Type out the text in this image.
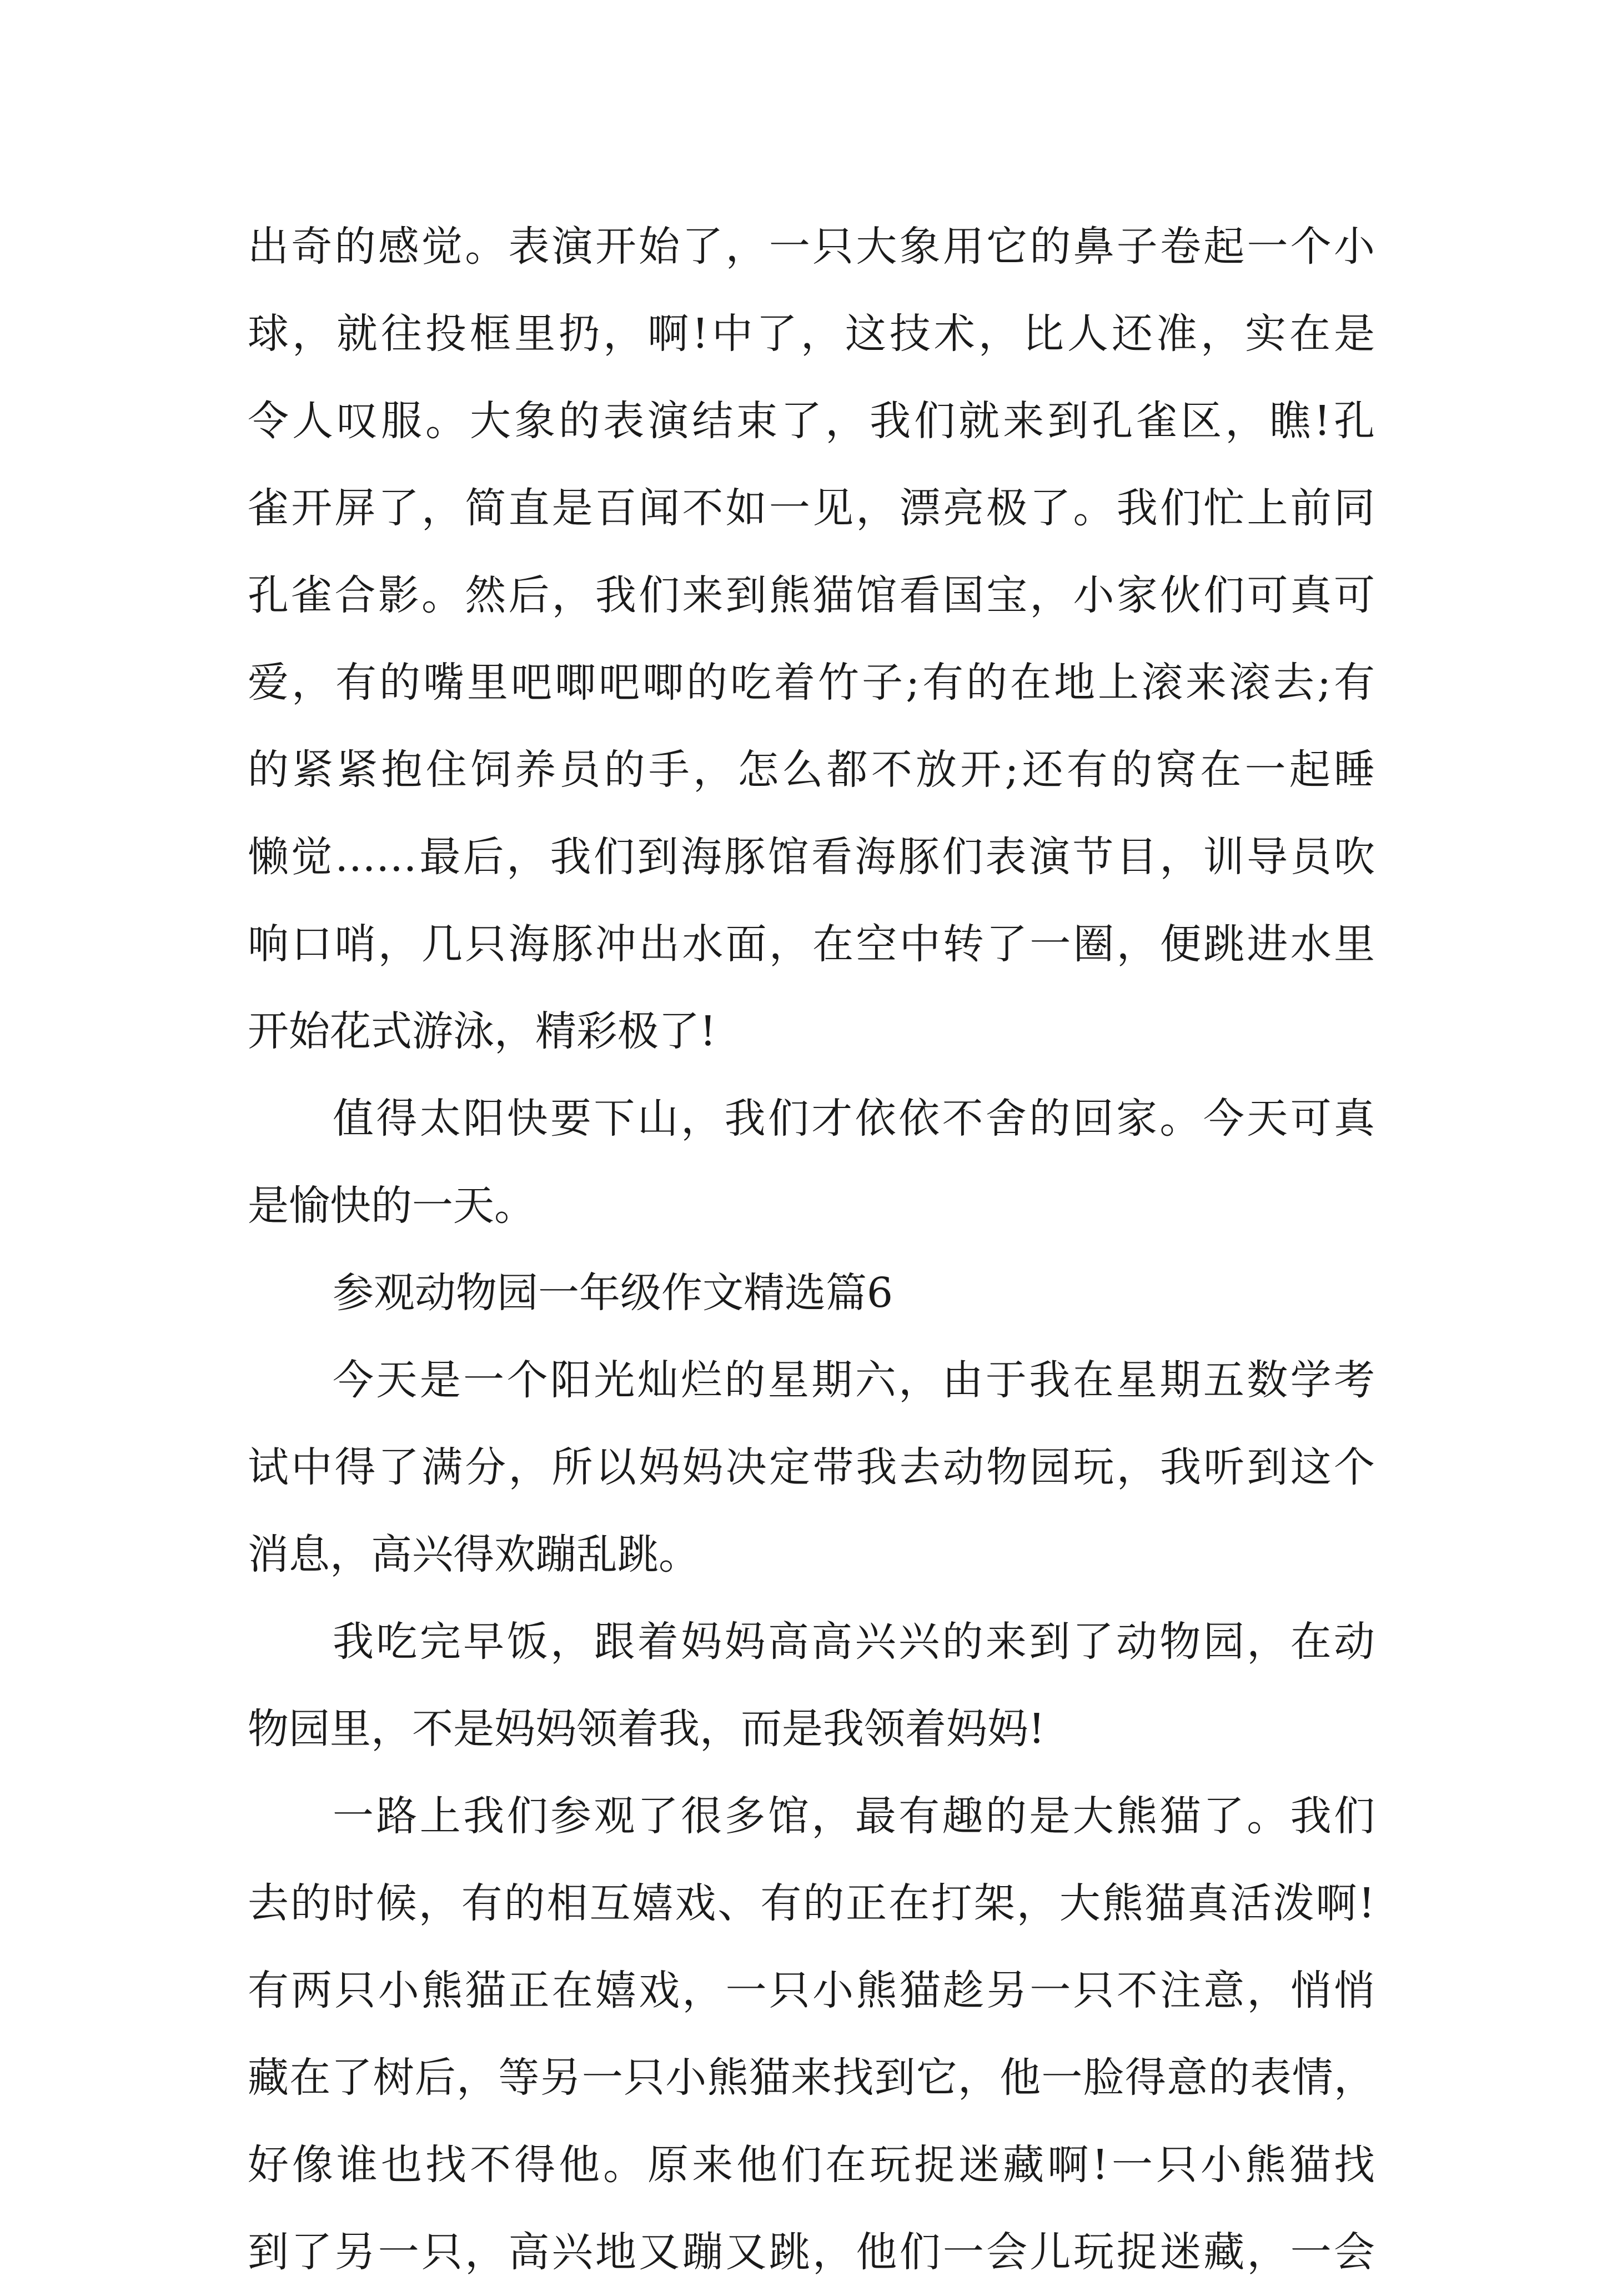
出奇的感觉。表演开始了，一只大象用它的鼻子卷起一个小
球，就往投框里扔，啊!中了，这技术，比人还准，实在是
令人叹服。大象的表演结束了，我们就来到孔雀区，瞧!孔
雀开屏了，简直是百闻不如一见，漂亮极了。我们忙上前同
孔雀合影。然后，我们来到熊猫馆看国宝，小家伙们可真可
爱，有的嘴里吧唧吧唧的吃着竹子;有的在地上滚来滚去;有
的紧紧抱住饲养员的手，怎么都不放开;还有的窝在一起睡
懒觉……最后，我们到海豚馆看海豚们表演节目，训导员吹
响口哨，几只海豚冲出水面，在空中转了一圈，便跳进水里
开始花式游泳，精彩极了!
值得太阳快要下山，我们才依依不舍的回家。今天可真
是愉快的一天。
参观动物园一年级作文精选篇6
今天是一个阳光灿烂的星期六，由于我在星期五数学考
试中得了满分，所以妈妈决定带我去动物园玩，我听到这个
消息，高兴得欢蹦乱跳。
我吃完早饭，跟着妈妈高高兴兴的来到了动物园，在动
物园里，不是妈妈领着我，而是我领着妈妈!
一路上我们参观了很多馆，最有趣的是大熊猫了。我们
去的时候，有的相互嬉戏、有的正在打架，大熊猫真活泼啊!
有两只小熊猫正在嬉戏，一只小熊猫趁另一只不注意，悄悄
藏在了树后，等另一只小熊猫来找到它，他一脸得意的表情，
好像谁也找不得他。原来他们在玩捉迷藏啊!一只小熊猫找
到了另一只，高兴地又蹦又跳，他们一会儿玩捉迷藏，一会
